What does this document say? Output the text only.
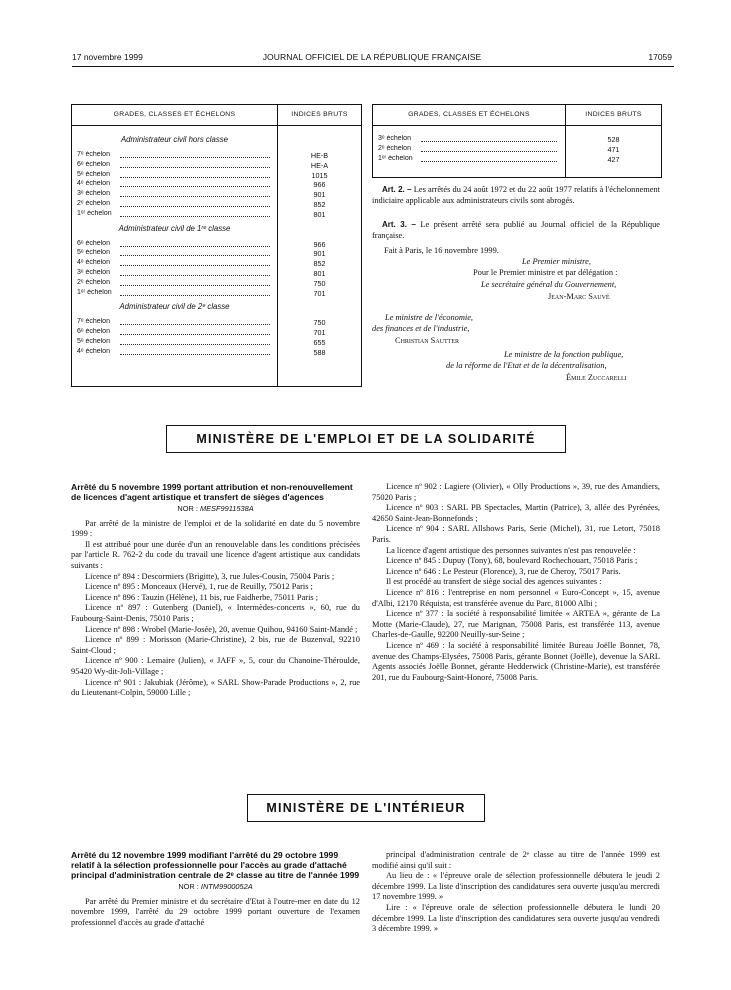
17 novembre 1999	JOURNAL OFFICIEL DE LA RÉPUBLIQUE FRANÇAISE	17059
GRADES, CLASSES ET ÉCHELONS	INDICES BRUTS
Administrateur civil hors classe
7ᵉ échelon	HE-B
6ᵉ échelon	HE-A
5ᵉ échelon	1015
4ᵉ échelon	966
3ᵉ échelon	901
2ᵉ échelon	852
1ᵉʳ échelon	801
Administrateur civil de 1ʳᵉ classe
6ᵉ échelon	966
5ᵉ échelon	901
4ᵉ échelon	852
3ᵉ échelon	801
2ᵉ échelon	750
1ᵉʳ échelon	701
Administrateur civil de 2ᵉ classe
7ᵉ échelon	750
6ᵉ échelon	701
5ᵉ échelon	655
4ᵉ échelon	588
GRADES, CLASSES ET ÉCHELONS	INDICES BRUTS
3ᵉ échelon	528
2ᵉ échelon	471
1ᵉʳ échelon	427
Art. 2. – Les arrêtés du 24 août 1972 et du 22 août 1977 relatifs à l'échelonnement indiciaire applicable aux administrateurs civils sont abrogés.
Art. 3. – Le présent arrêté sera publié au Journal officiel de la République française.
Fait à Paris, le 16 novembre 1999.
Le Premier ministre,
Pour le Premier ministre et par délégation :
Le secrétaire général du Gouvernement,
Jean-Marc Sauvé
Le ministre de l'économie,
des finances et de l'industrie,
Christian Sautter
Le ministre de la fonction publique,
de la réforme de l'Etat et de la décentralisation,
Émile Zuccarelli
MINISTÈRE DE L'EMPLOI ET DE LA SOLIDARITÉ
Arrêté du 5 novembre 1999 portant attribution et non-renouvellement de licences d'agent artistique et transfert de sièges d'agences
NOR : MESF9911538A

Par arrêté de la ministre de l'emploi et de la solidarité en date du 5 novembre 1999 :

Il est attribué pour une durée d'un an renouvelable dans les conditions précisées par l'article R. 762-2 du code du travail une licence d'agent artistique aux candidats suivants :

Licence nº 894 : Descormiers (Brigitte), 3, rue Jules-Cousin, 75004 Paris ;

Licence nº 895 : Monceaux (Hervé), 1, rue de Reuilly, 75012 Paris ;

Licence nº 896 : Tauzin (Hélène), 11 bis, rue Faidherbe, 75011 Paris ;

Licence nº 897 : Gutenberg (Daniel), « Intermèdes-concerts », 60, rue du Faubourg-Saint-Denis, 75010 Paris ;

Licence nº 898 : Wrobel (Marie-Josée), 20, avenue Quihou, 94160 Saint-Mandé ;

Licence nº 899 : Morisson (Marie-Christine), 2 bis, rue de Buzenval, 92210 Saint-Cloud ;

Licence nº 900 : Lemaire (Julien), « JAFF », 5, cour du Chanoine-Théroulde, 95420 Wy-dit-Joli-Village ;

Licence nº 901 : Jakubiak (Jérôme), « SARL Show-Parade Productions », 2, rue du Lieutenant-Colpin, 59000 Lille ;

Licence nº 902 : Lagiere (Olivier), « Olly Productions », 39, rue des Amandiers, 75020 Paris ;

Licence nº 903 : SARL PB Spectacles, Martin (Patrice), 3, allée des Pyrénées, 42650 Saint-Jean-Bonnefonds ;

Licence nº 904 : SARL Allshows Paris, Serie (Michel), 31, rue Letort, 75018 Paris.

La licence d'agent artistique des personnes suivantes n'est pas renouvelée :

Licence nº 845 : Dupuy (Tony), 68, boulevard Rochechouart, 75018 Paris ;

Licence nº 646 : Le Pesteur (Florence), 3, rue de Cheroy, 75017 Paris.

Il est procédé au transfert de siège social des agences suivantes :

Licence nº 816 : l'entreprise en nom personnel « Euro-Concept », 15, avenue d'Albi, 12170 Réquista, est transférée avenue du Parc, 81000 Albi ;

Licence nº 377 : la société à responsabilité limitée « ARTEA », gérante de La Motte (Marie-Claude), 27, rue Marignan, 75008 Paris, est transférée 113, avenue Charles-de-Gaulle, 92200 Neuilly-sur-Seine ;

Licence nº 469 : la société à responsabilité limitée Bureau Joëlle Bonnet, 78, avenue des Champs-Elysées, 75008 Paris, gérante Bonnet (Joëlle), devenue la SARL Agents associés Joëlle Bonnet, gérante Hedderwick (Christine-Marie), est transférée 201, rue du Faubourg-Saint-Honoré, 75008 Paris.

MINISTÈRE DE L'INTÉRIEUR
Arrêté du 12 novembre 1999 modifiant l'arrêté du 29 octobre 1999 relatif à la sélection professionnelle pour l'accès au grade d'attaché principal d'administration centrale de 2ᵉ classe au titre de l'année 1999
NOR : INTM9900052A

Par arrêté du Premier ministre et du secrétaire d'Etat à l'outre-mer en date du 12 novembre 1999, l'arrêté du 29 octobre 1999 portant ouverture de l'examen professionnel d'accès au grade d'attaché

principal d'administration centrale de 2ᵉ classe au titre de l'année 1999 est modifié ainsi qu'il suit :

Au lieu de : « l'épreuve orale de sélection professionnelle débutera le jeudi 2 décembre 1999. La liste d'inscription des candidatures sera ouverte jusqu'au mercredi 17 novembre 1999. »

Lire : « l'épreuve orale de sélection professionnelle débutera le lundi 20 décembre 1999. La liste d'inscription des candidatures sera ouverte jusqu'au vendredi 3 décembre 1999. »
